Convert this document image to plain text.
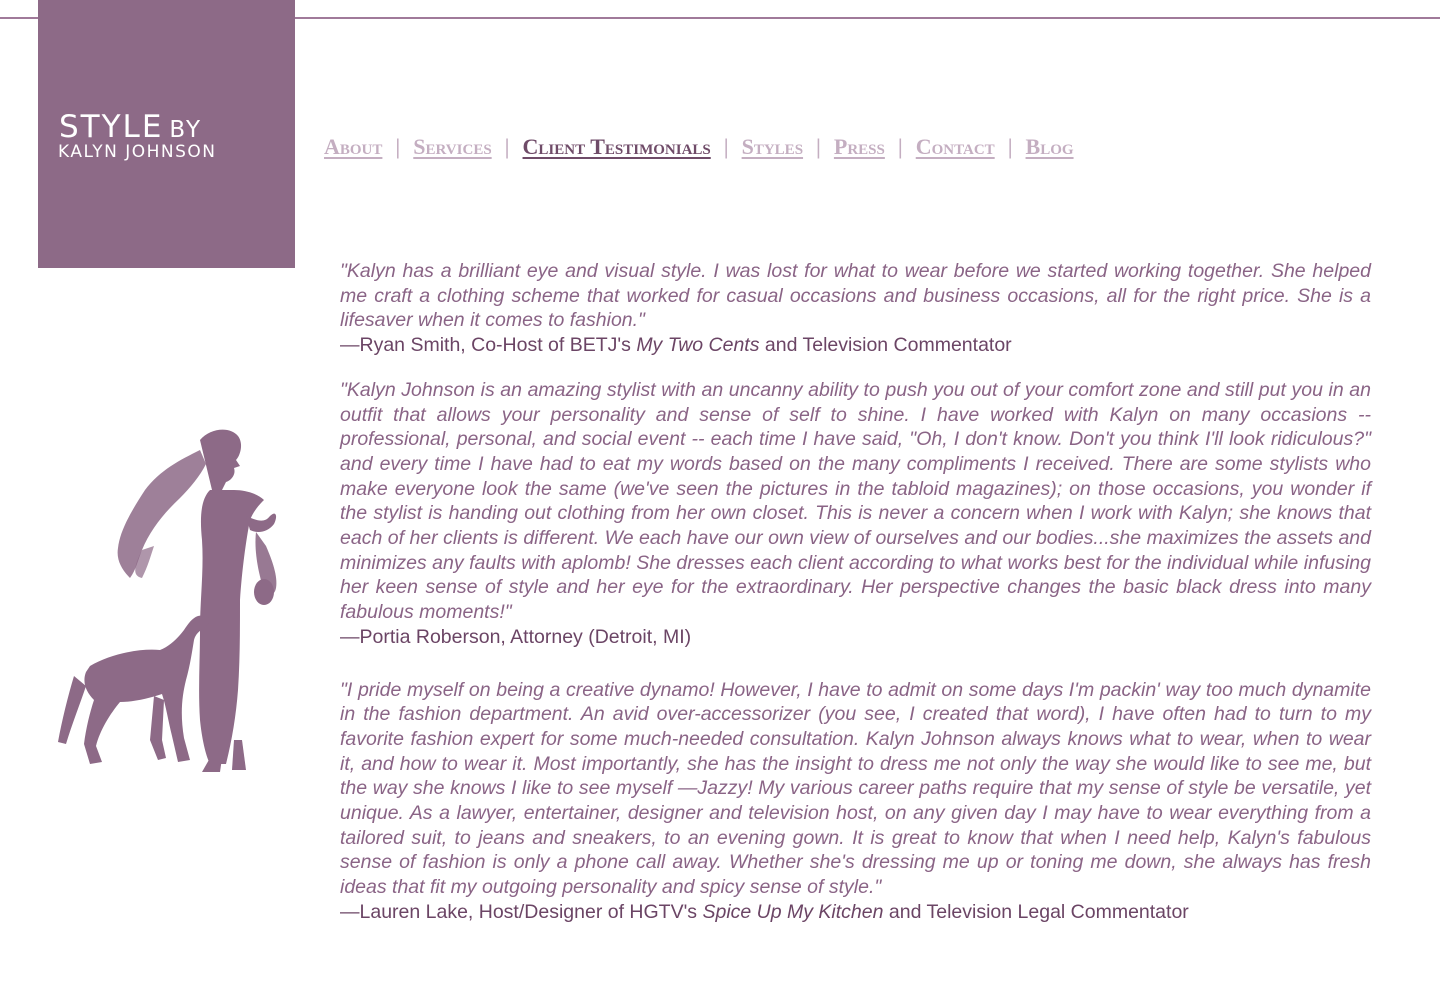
STYLE BY
KALYN JOHNSON	About | Services | Client Testimonials | Styles | Press | Contact | Blog

"Kalyn has a brilliant eye and visual style. I was lost for what to wear before we started working together. She helped me craft a clothing scheme that worked for casual occasions and business occasions, all for the right price. She is a lifesaver when it comes to fashion."

—Ryan Smith, Co-Host of BETJ's My Two Cents and Television Commentator

"Kalyn Johnson is an amazing stylist with an uncanny ability to push you out of your comfort zone and still put you in an outfit that allows your personality and sense of self to shine. I have worked with Kalyn on many occasions -- professional, personal, and social event -- each time I have said, "Oh, I don't know. Don't you think I'll look ridiculous?" and every time I have had to eat my words based on the many compliments I received. There are some stylists who make everyone look the same (we've seen the pictures in the tabloid magazines); on those occasions, you wonder if the stylist is handing out clothing from her own closet. This is never a concern when I work with Kalyn; she knows that each of her clients is different. We each have our own view of ourselves and our bodies...she maximizes the assets and minimizes any faults with aplomb! She dresses each client according to what works best for the individual while infusing her keen sense of style and her eye for the extraordinary. Her perspective changes the basic black dress into many fabulous moments!"

—Portia Roberson, Attorney (Detroit, MI)

"I pride myself on being a creative dynamo! However, I have to admit on some days I'm packin' way too much dynamite in the fashion department. An avid over-accessorizer (you see, I created that word), I have often had to turn to my favorite fashion expert for some much-needed consultation. Kalyn Johnson always knows what to wear, when to wear it, and how to wear it. Most importantly, she has the insight to dress me not only the way she would like to see me, but the way she knows I like to see myself —Jazzy! My various career paths require that my sense of style be versatile, yet unique. As a lawyer, entertainer, designer and television host, on any given day I may have to wear everything from a tailored suit, to jeans and sneakers, to an evening gown. It is great to know that when I need help, Kalyn's fabulous sense of fashion is only a phone call away. Whether she's dressing me up or toning me down, she always has fresh ideas that fit my outgoing personality and spicy sense of style."

—Lauren Lake, Host/Designer of HGTV's Spice Up My Kitchen and Television Legal Commentator
